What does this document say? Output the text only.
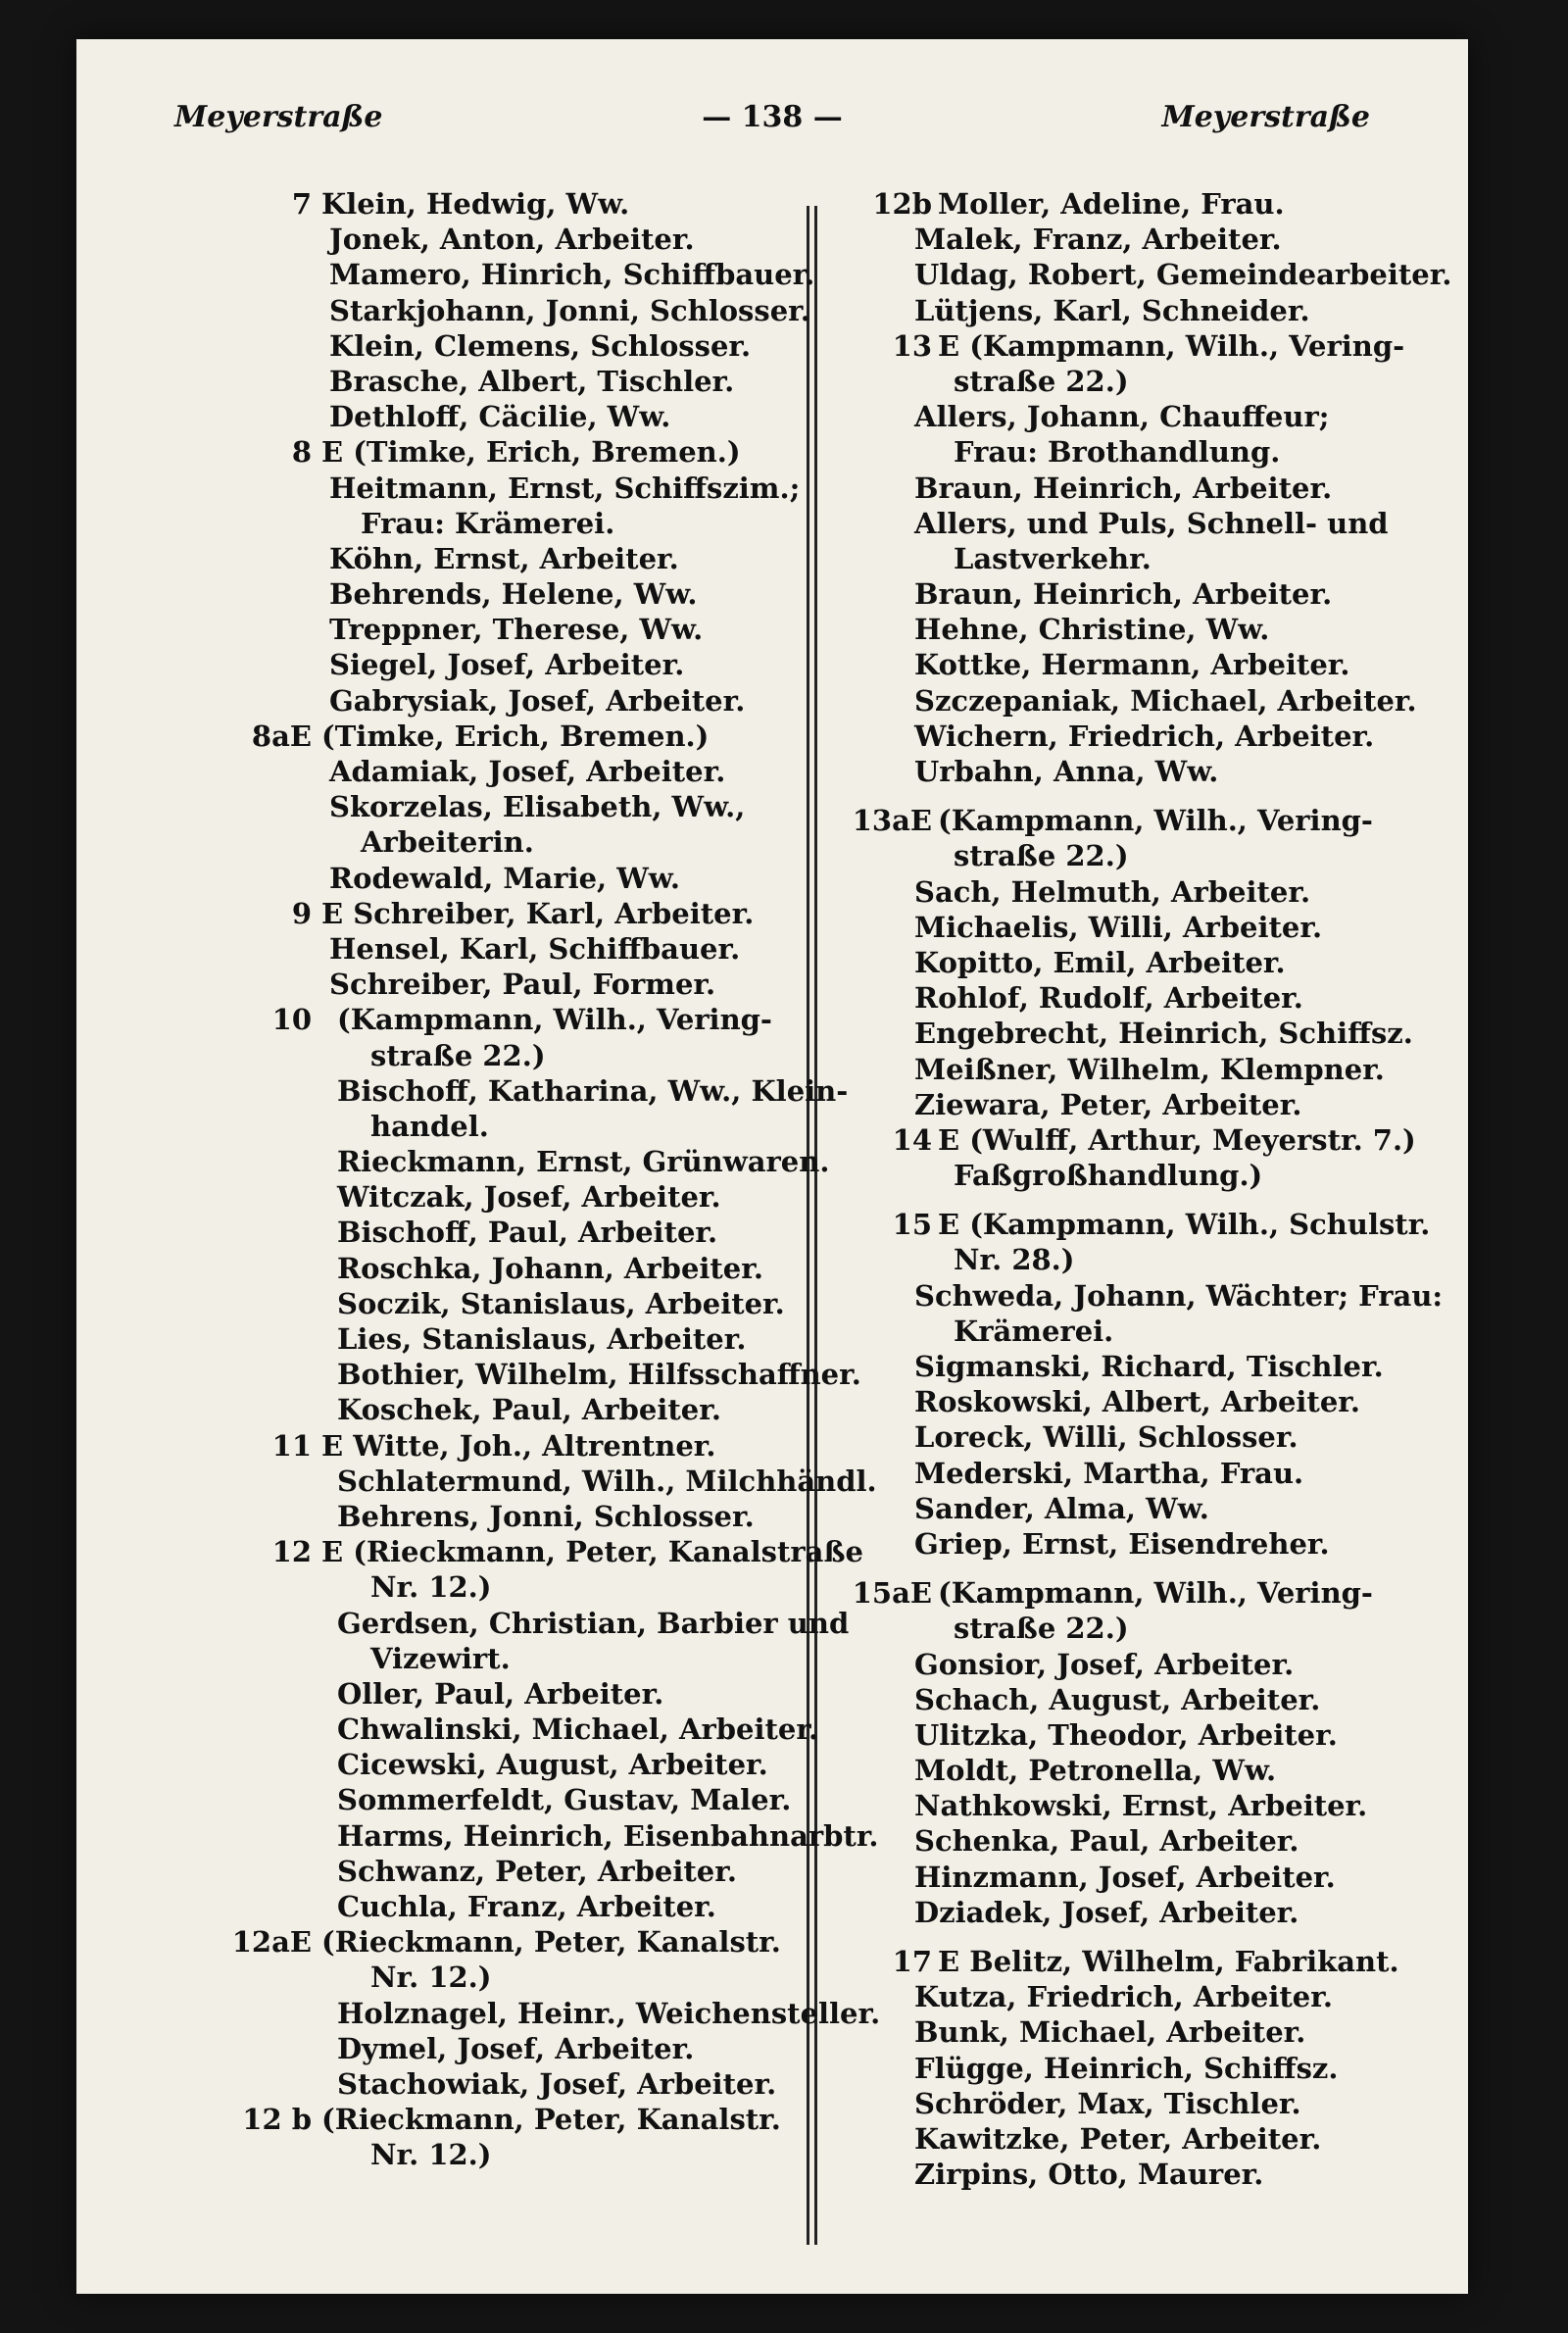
Meyerstraße	— 138 —	Meyerstraße
7 Klein, Hedwig, Ww.
Jonek, Anton, Arbeiter.
Mamero, Hinrich, Schiffbauer.
Starkjohann, Jonni, Schlosser.
Klein, Clemens, Schlosser.
Brasche, Albert, Tischler.
Dethloff, Cäcilie, Ww.
8 E (Timke, Erich, Bremen.)
Heitmann, Ernst, Schiffszim.;
Frau: Krämerei.
Köhn, Ernst, Arbeiter.
Behrends, Helene, Ww.
Treppner, Therese, Ww.
Siegel, Josef, Arbeiter.
Gabrysiak, Josef, Arbeiter.
8aE (Timke, Erich, Bremen.)
Adamiak, Josef, Arbeiter.
Skorzelas, Elisabeth, Ww.,
Arbeiterin.
Rodewald, Marie, Ww.
9 E Schreiber, Karl, Arbeiter.
Hensel, Karl, Schiffbauer.
Schreiber, Paul, Former.
10 (Kampmann, Wilh., Vering-
straße 22.)
Bischoff, Katharina, Ww., Klein-
handel.
Rieckmann, Ernst, Grünwaren.
Witczak, Josef, Arbeiter.
Bischoff, Paul, Arbeiter.
Roschka, Johann, Arbeiter.
Soczik, Stanislaus, Arbeiter.
Lies, Stanislaus, Arbeiter.
Bothier, Wilhelm, Hilfsschaffner.
Koschek, Paul, Arbeiter.
11 E Witte, Joh., Altrentner.
Schlatermund, Wilh., Milchhändl.
Behrens, Jonni, Schlosser.
12 E (Rieckmann, Peter, Kanalstraße
Nr. 12.)
Gerdsen, Christian, Barbier und
Vizewirt.
Oller, Paul, Arbeiter.
Chwalinski, Michael, Arbeiter.
Cicewski, August, Arbeiter.
Sommerfeldt, Gustav, Maler.
Harms, Heinrich, Eisenbahnarbtr.
Schwanz, Peter, Arbeiter.
Cuchla, Franz, Arbeiter.
12aE (Rieckmann, Peter, Kanalstr.
Nr. 12.)
Holznagel, Heinr., Weichensteller.
Dymel, Josef, Arbeiter.
Stachowiak, Josef, Arbeiter.
12 b (Rieckmann, Peter, Kanalstr.
Nr. 12.)
12b Moller, Adeline, Frau.
Malek, Franz, Arbeiter.
Uldag, Robert, Gemeindearbeiter.
Lütjens, Karl, Schneider.
13 E (Kampmann, Wilh., Vering-
straße 22.)
Allers, Johann, Chauffeur;
Frau: Brothandlung.
Braun, Heinrich, Arbeiter.
Allers, und Puls, Schnell- und
Lastverkehr.
Braun, Heinrich, Arbeiter.
Hehne, Christine, Ww.
Kottke, Hermann, Arbeiter.
Szczepaniak, Michael, Arbeiter.
Wichern, Friedrich, Arbeiter.
Urbahn, Anna, Ww.
13aE (Kampmann, Wilh., Vering-
straße 22.)
Sach, Helmuth, Arbeiter.
Michaelis, Willi, Arbeiter.
Kopitto, Emil, Arbeiter.
Rohlof, Rudolf, Arbeiter.
Engebrecht, Heinrich, Schiffsz.
Meißner, Wilhelm, Klempner.
Ziewara, Peter, Arbeiter.
14 E (Wulff, Arthur, Meyerstr. 7.)
Faßgroßhandlung.)
15 E (Kampmann, Wilh., Schulstr.
Nr. 28.)
Schweda, Johann, Wächter; Frau:
Krämerei.
Sigmanski, Richard, Tischler.
Roskowski, Albert, Arbeiter.
Loreck, Willi, Schlosser.
Mederski, Martha, Frau.
Sander, Alma, Ww.
Griep, Ernst, Eisendreher.
15aE (Kampmann, Wilh., Vering-
straße 22.)
Gonsior, Josef, Arbeiter.
Schach, August, Arbeiter.
Ulitzka, Theodor, Arbeiter.
Moldt, Petronella, Ww.
Nathkowski, Ernst, Arbeiter.
Schenka, Paul, Arbeiter.
Hinzmann, Josef, Arbeiter.
Dziadek, Josef, Arbeiter.
17 E Belitz, Wilhelm, Fabrikant.
Kutza, Friedrich, Arbeiter.
Bunk, Michael, Arbeiter.
Flügge, Heinrich, Schiffsz.
Schröder, Max, Tischler.
Kawitzke, Peter, Arbeiter.
Zirpins, Otto, Maurer.
